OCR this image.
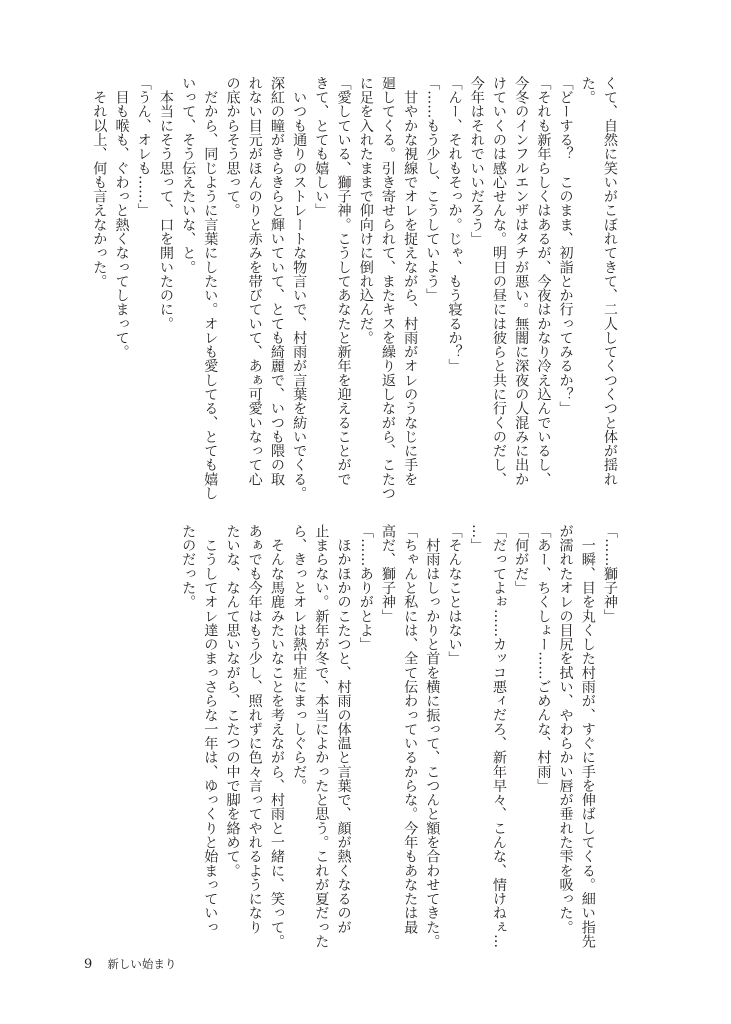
くて、自然に笑いがこぼれてきて、二人してくつくつと体が揺れ
た。
「どーする？　このまま、初詣とか行ってみるか？」
「それも新年らしくはあるが、今夜はかなり冷え込んでいるし、
今冬のインフルエンザはタチが悪い。無闇に深夜の人混みに出か
けていくのは感心せんな。明日の昼には彼らと共に行くのだし、
今年はそれでいいだろう」
「んー、それもそっか。じゃ、もう寝るか？」
「……もう少し、こうしていよう」
　甘やかな視線でオレを捉えながら、村雨がオレのうなじに手を
廻してくる。引き寄せられて、またキスを繰り返しながら、こたつ
に足を入れたままで仰向けに倒れ込んだ。
「愛している、獅子神。こうしてあなたと新年を迎えることがで
きて、とても嬉しい」
　いつも通りのストレートな物言いで、村雨が言葉を紡いでくる。
深紅の瞳がきらきらと輝いていて、とても綺麗で、いつも隈の取
れない目元がほんのりと赤みを帯びていて、あぁ可愛いなって心
の底からそう思って。
　だから、同じように言葉にしたい。オレも愛してる、とても嬉し
いって、そう伝えたいな、と。
　本当にそう思って、口を開いたのに。
「うん、オレも……」
　目も喉も、ぐわっと熱くなってしまって。
　それ以上、何も言えなかった。
「……獅子神」
　一瞬、目を丸くした村雨が、すぐに手を伸ばしてくる。細い指先
が濡れたオレの目尻を拭い、やわらかい唇が垂れた雫を吸った。
「あー、ちくしょー……ごめんな、村雨」
「何がだ」
「だってよぉ……カッコ悪ィだろ、新年早々、こんな、情けねぇ…
…」
「そんなことはない」
　村雨はしっかりと首を横に振って、こつんと額を合わせてきた。
「ちゃんと私には、全て伝わっているからな。今年もあなたは最
高だ、獅子神」
「……ありがとよ」
　ほかほかのこたつと、村雨の体温と言葉で、顔が熱くなるのが
止まらない。新年が冬で、本当によかったと思う。これが夏だった
ら、きっとオレは熱中症にまっしぐらだ。
　そんな馬鹿みたいなことを考えながら、村雨と一緒に、笑って。
あぁでも今年はもう少し、照れずに色々言ってやれるようになり
たいな、なんて思いながら、こたつの中で脚を絡めて。
　こうしてオレ達のまっさらな一年は、ゆっくりと始まっていっ
たのだった。
9 新しい始まり
